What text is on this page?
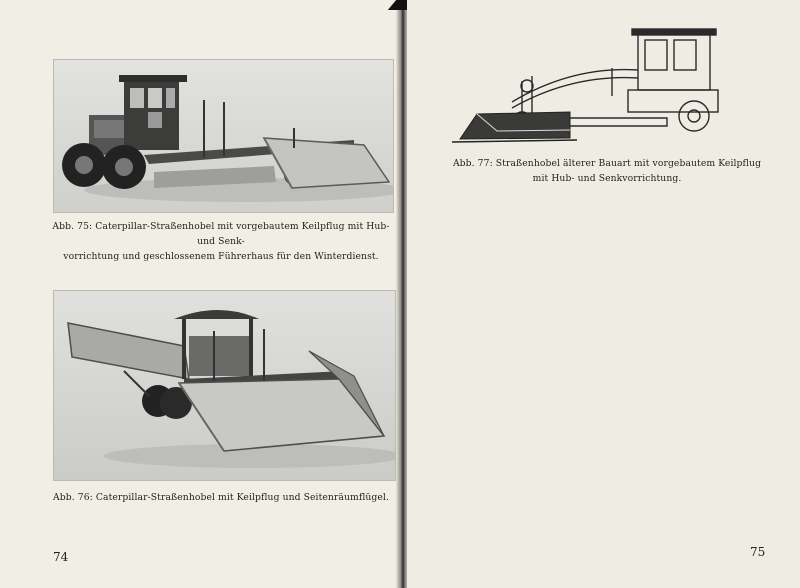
Abb. 75: Caterpillar-Straßenhobel mit vorgebautem Keilpflug mit Hub- und Senk-
vorrichtung und geschlossenem Führerhaus für den Winterdienst.
Abb. 76: Caterpillar-Straßenhobel mit Keilpflug und Seitenräumflügel.
74
Abb. 77: Straßenhobel älterer Bauart mit vorgebautem Keilpflug
mit Hub- und Senkvorrichtung.
75
